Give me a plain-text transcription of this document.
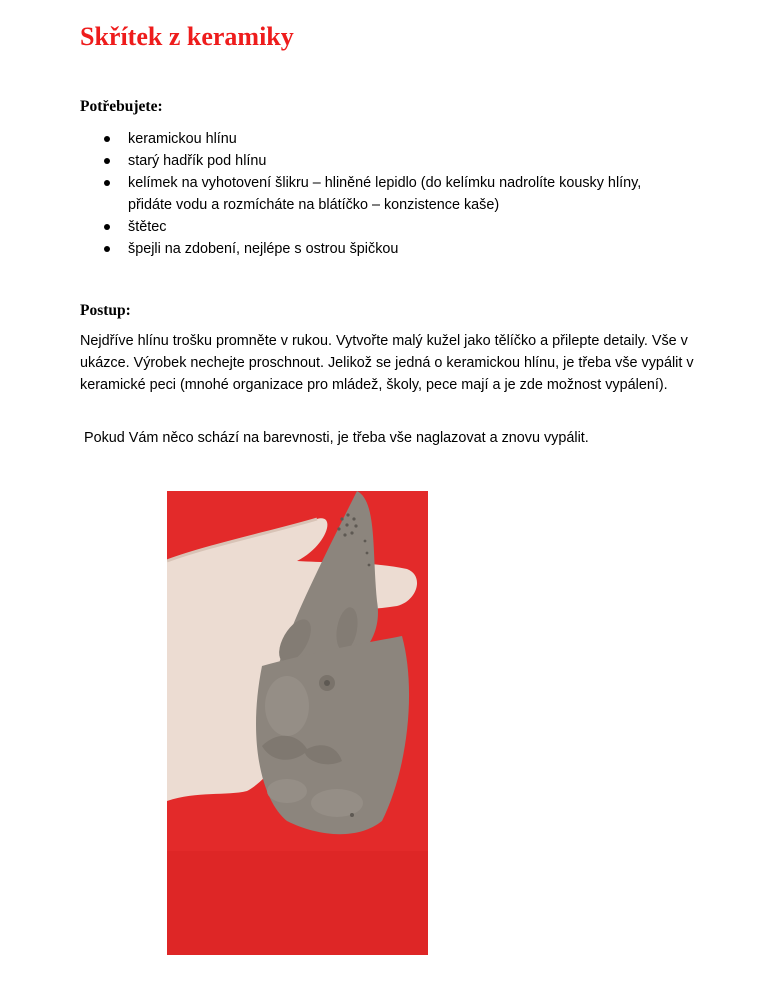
Skřítek z keramiky
Potřebujete:
keramickou hlínu
starý hadřík pod hlínu
kelímek na vyhotovení šlikru – hliněné lepidlo (do kelímku nadrolíte kousky hlíny, přidáte vodu a rozmícháte na blátíčko – konzistence kaše)
štětec
špejli na zdobení, nejlépe s ostrou špičkou
Postup:

Nejdříve hlínu trošku promněte v rukou. Vytvořte malý kužel jako tělíčko a přilepte detaily. Vše v ukázce. Výrobek nechejte proschnout. Jelikož se jedná o keramickou hlínu, je třeba vše vypálit v keramické peci (mnohé organizace pro mládež, školy, pece mají a je zde možnost vypálení).

Pokud Vám něco schází na barevnosti, je třeba vše naglazovat a znovu vypálit.
